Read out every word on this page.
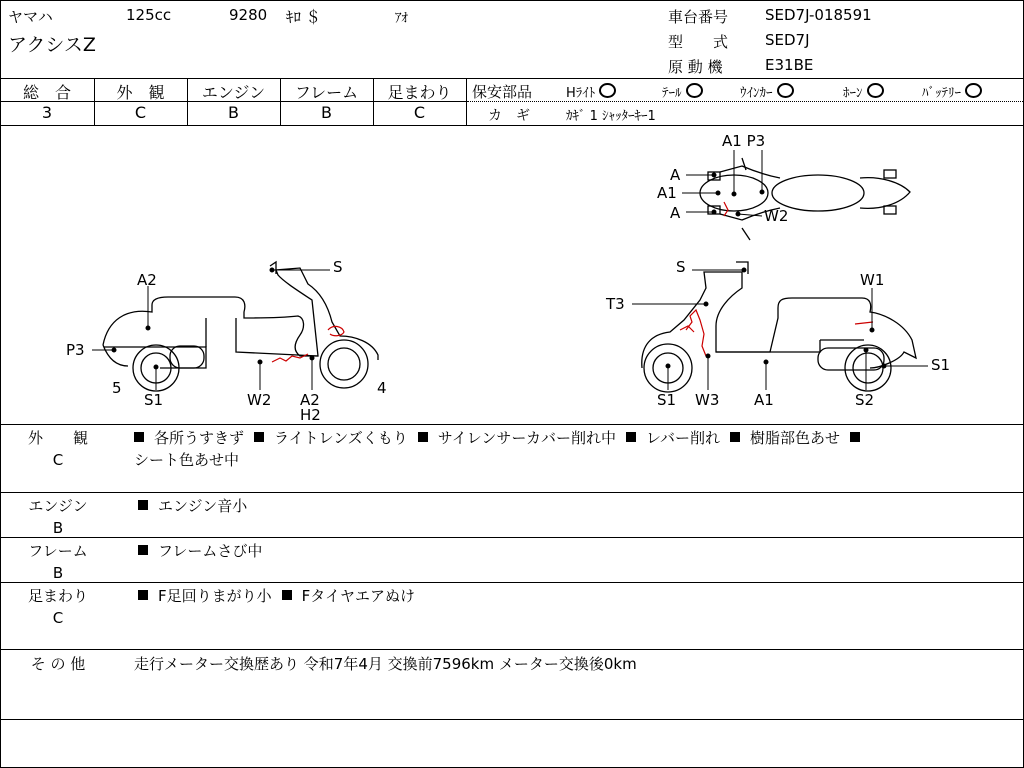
ヤマハ	125cc	9280 ｷﾛ ＄	ｱｵ
アクシスZ
車台番号 SED7J-018591
型　　式 SED7J
原 動 機	E31BE
総　合	外　観	エンジン	フレーム	足まわり
3	C	B	B	C
保安部品	Hﾗｲﾄ	ﾃｰﾙ	ｳｲﾝｶｰ	ﾎｰﾝ	ﾊﾞｯﾃﾘｰ
カ　ギ	ｶｷﾞ 1 ｼｬｯﾀｰｷｰ1
A2
S
P3
5
S1	W2 A2
H2
4
S
W1
T3
S1
S1 W3 A1	S2
A1 P3
A
A1
A	W2
外　　観
C
各所うすきず ライトレンズくもり サイレンサーカバー削れ中 レバー削れ 樹脂部色あせ
シート色あせ中
エンジン
B
エンジン音小
フレーム
B
フレームさび中
足まわり
C
F足回りまがり小 Fタイヤエアぬけ
そ の 他	走行メーター交換歴あり 令和7年4月 交換前7596km メーター交換後0km
